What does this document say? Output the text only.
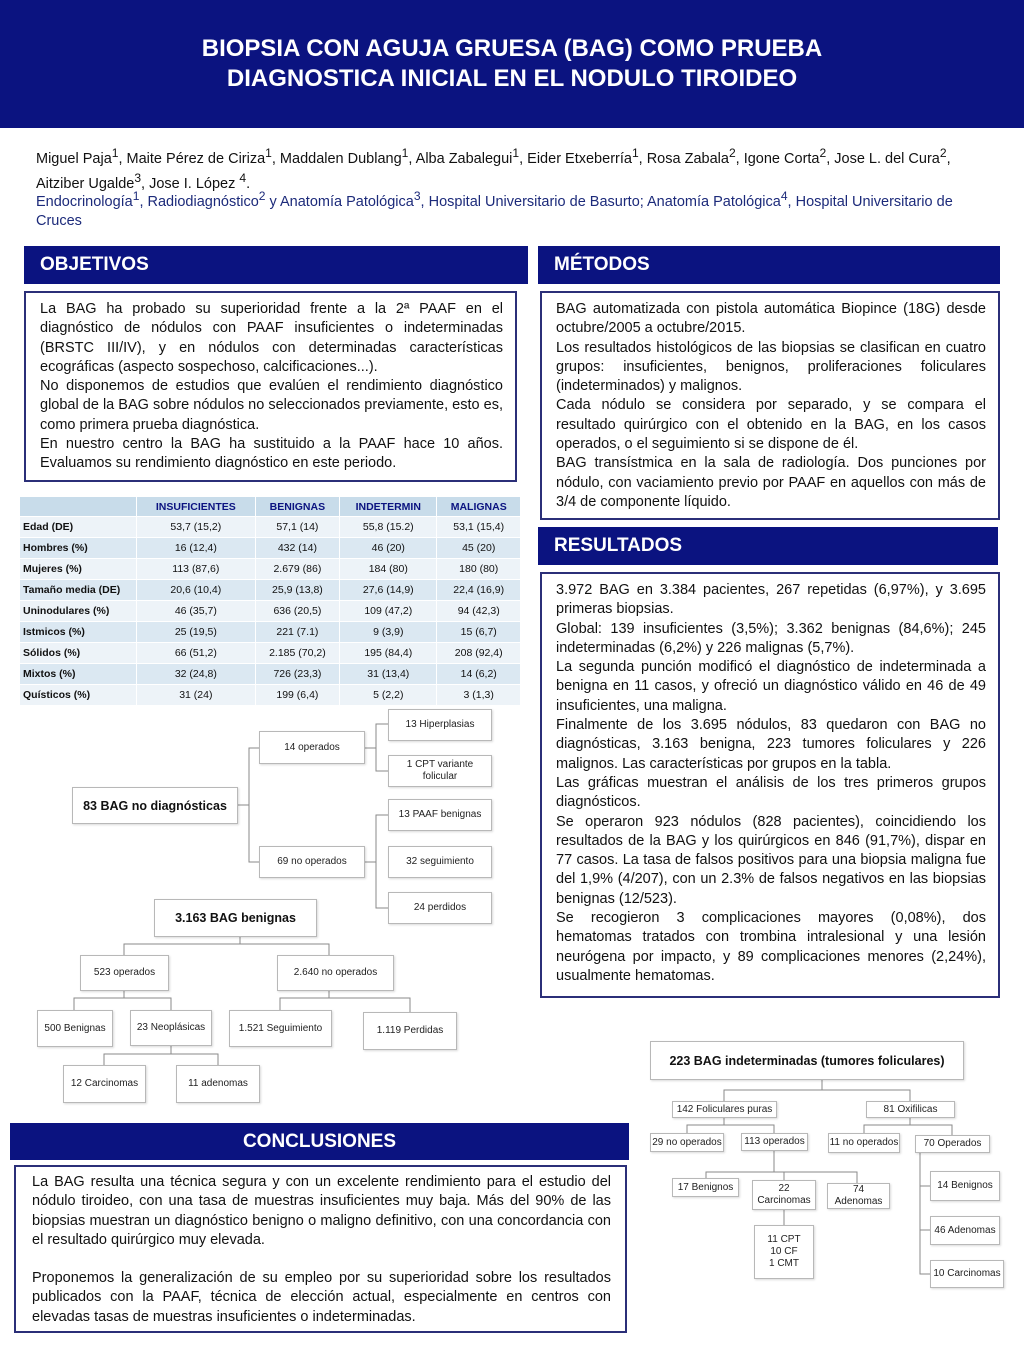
BIOPSIA CON AGUJA GRUESA (BAG) COMO PRUEBA
DIAGNOSTICA INICIAL EN EL NODULO TIROIDEO
Miguel Paja$^1$, Maite Pérez de Ciriza$^1$, Maddalen Dublang$^1$, Alba Zabalegui$^1$, Eider Etxeberría$^1$, Rosa Zabala$^2$, Igone Corta$^2$, Jose L. del Cura$^2$, Aitziber Ugalde$^3$, Jose I. López $^4$.
Endocrinología$^1$, Radiodiagnóstico$^2$ y Anatomía Patológica$^3$, Hospital Universitario de Basurto; Anatomía Patológica$^4$, Hospital Universitario de Cruces
OBJETIVOS

La BAG ha probado su superioridad frente a la 2ª PAAF en el diagnóstico de nódulos con PAAF insuficientes o indeterminadas (BRSTC III/IV), y en nódulos con determinadas características ecográficas (aspecto sospechoso, calcificaciones...).

No disponemos de estudios que evalúen el rendimiento diagnóstico global de la BAG sobre nódulos no seleccionados previamente, esto es, como primera prueba diagnóstica.

En nuestro centro la BAG ha sustituido a la PAAF hace 10 años. Evaluamos su rendimiento diagnóstico en este periodo.

MÉTODOS

BAG automatizada con pistola automática Biopince (18G) desde octubre/2005 a octubre/2015.

Los resultados histológicos de las biopsias se clasifican en cuatro grupos: insuficientes, benignos, proliferaciones foliculares (indeterminados) y malignos.

Cada nódulo se considera por separado, y se compara el resultado quirúrgico con el obtenido en la BAG, en los casos operados, o el seguimiento si se dispone de él.

BAG transístmica en la sala de radiología. Dos punciones por nódulo, con vaciamiento previo por PAAF en aquellos con más de 3/4 de componente líquido.

RESULTADOS

3.972 BAG en 3.384 pacientes, 267 repetidas (6,97%), y 3.695 primeras biopsias.

Global: 139 insuficientes (3,5%); 3.362 benignas (84,6%); 245 indeterminadas (6,2%) y 226 malignas (5,7%).

La segunda punción modificó el diagnóstico de indeterminada a benigna en 11 casos, y ofreció un diagnóstico válido en 46 de 49 insuficientes, una maligna.

Finalmente de los 3.695 nódulos, 83 quedaron con BAG no diagnósticas, 3.163 benigna, 223 tumores foliculares y 226 malignos. Las características por grupos en la tabla.

Las gráficas muestran el análisis de los tres primeros grupos diagnósticos.

Se operaron 923 nódulos (828 pacientes), coincidiendo los resultados de la BAG y los quirúrgicos en 846 (91,7%), dispar en 77 casos. La tasa de falsos positivos para una biopsia maligna fue del 1,9% (4/207), con un 2.3% de falsos negativos en las biopsias benignas (12/523).

Se recogieron 3 complicaciones mayores (0,08%), dos hematomas tratados con trombina intralesional y una lesión neurógena por impacto, y 89 complicaciones menores (2,24%), usualmente hematomas.

	INSUFICIENTES	BENIGNAS	INDETERMIN	MALIGNAS
Edad (DE)	53,7 (15,2)	57,1 (14)	55,8 (15.2)	53,1 (15,4)
Hombres (%)	16 (12,4)	432 (14)	46 (20)	45 (20)
Mujeres (%)	113 (87,6)	2.679 (86)	184 (80)	180 (80)
Tamaño media (DE)	20,6 (10,4)	25,9 (13,8)	27,6 (14,9)	22,4 (16,9)
Uninodulares (%)	46 (35,7)	636 (20,5)	109 (47,2)	94 (42,3)
Istmicos (%)	25 (19,5)	221 (7.1)	9 (3,9)	15 (6,7)
Sólidos (%)	66 (51,2)	2.185 (70,2)	195 (84,4)	208 (92,4)
Mixtos (%)	32 (24,8)	726 (23,3)	31 (13,4)	14 (6,2)
Quísticos (%)	31 (24)	199 (6,4)	5 (2,2)	3 (1,3)
83 BAG no diagnósticas
14 operados
69 no operados
13 Hiperplasias
1 CPT variante folicular
13 PAAF benignas
32 seguimiento
24 perdidos
3.163 BAG benignas
523 operados	2.640 no operados
500 Benignas	23 Neoplásicas	1.521 Seguimiento	1.119 Perdidas
12 Carcinomas	11 adenomas
CONCLUSIONES

La BAG resulta una técnica segura y con un excelente rendimiento para el estudio del nódulo tiroideo, con una tasa de muestras insuficientes muy baja. Más del 90% de las biopsias muestran un diagnóstico benigno o maligno definitivo, con una concordancia con el resultado quirúrgico muy elevada.

Proponemos la generalización de su empleo por su superioridad sobre los resultados publicados con la PAAF, técnica de elección actual, especialmente en centros con elevadas tasas de muestras insuficientes o indeterminadas.

223 BAG indeterminadas (tumores foliculares)
142 Foliculares puras	81 Oxifilicas
29 no operados	113 operados	11 no operados	70 Operados
17 Benignos	22
Carcinomas
74 Adenomas
11 CPT
10 CF
1 CMT
14 Benignos
46 Adenomas
10 Carcinomas
